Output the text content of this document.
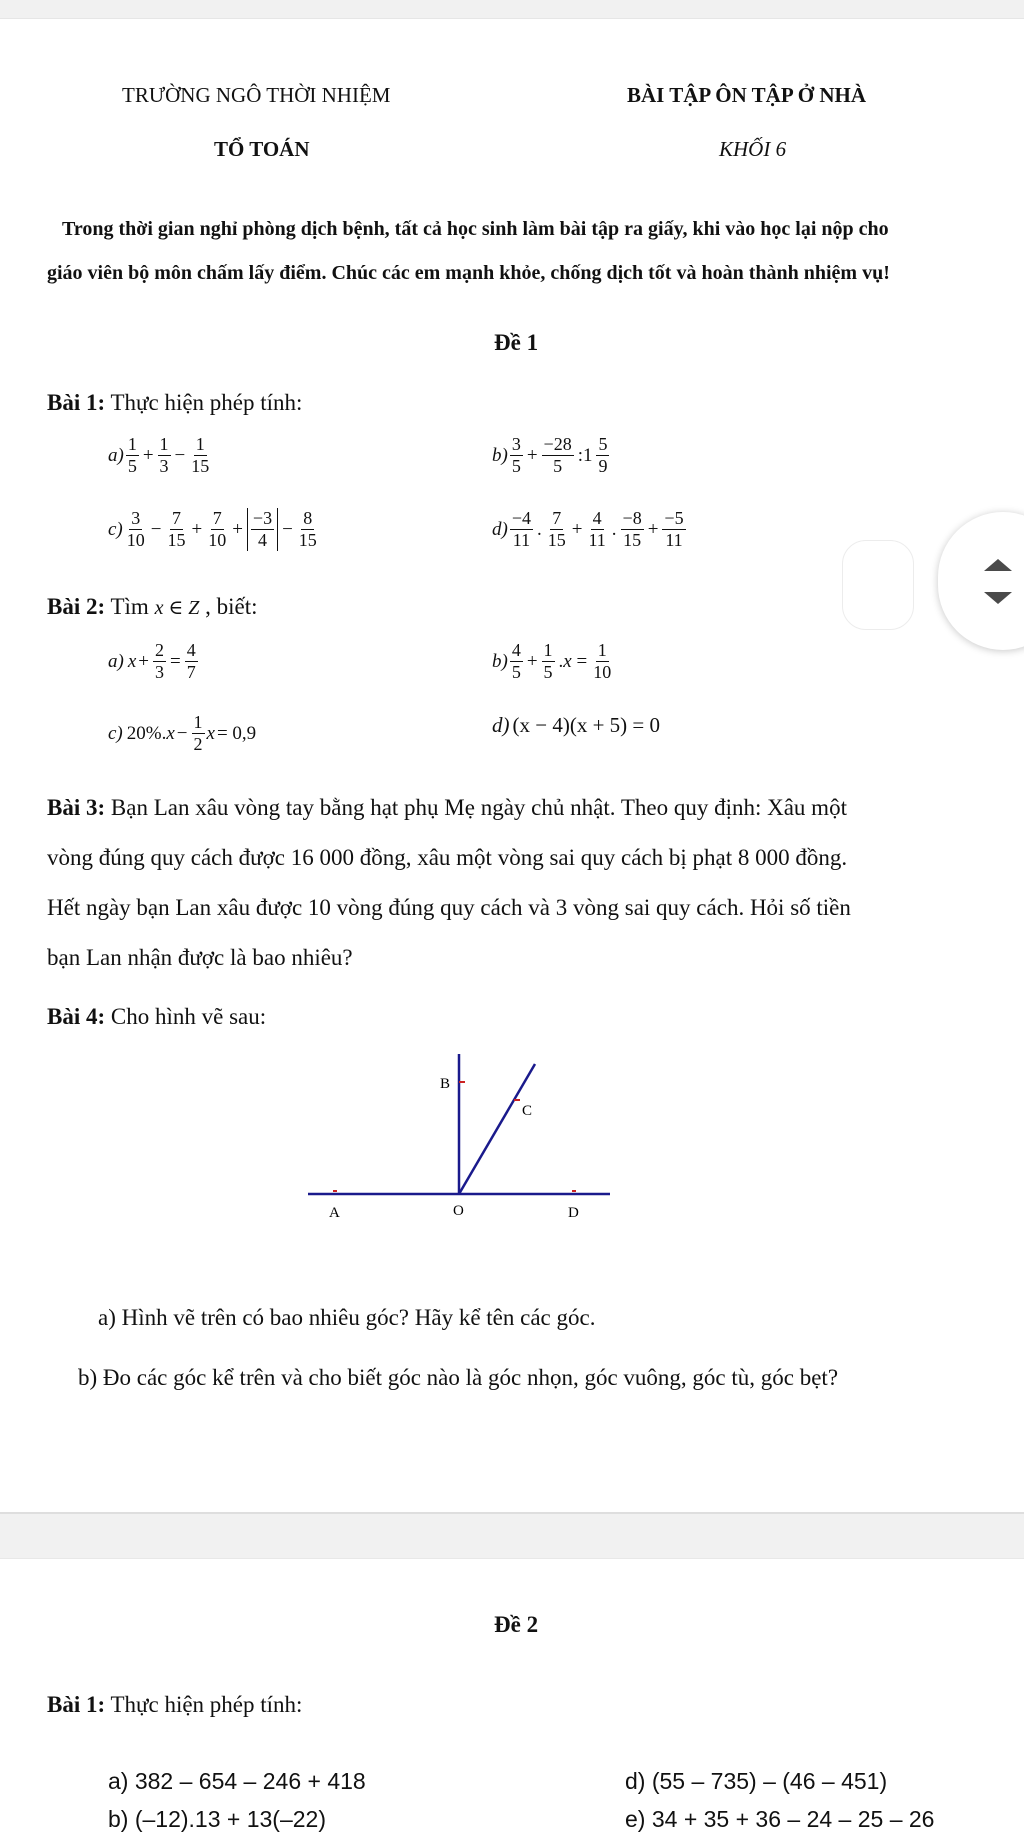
TRƯỜNG NGÔ THỜI NHIỆM
TỔ TOÁN
BÀI TẬP ÔN TẬP Ở NHÀ
KHỐI 6
Trong thời gian nghỉ phòng dịch bệnh, tất cả học sinh làm bài tập ra giấy, khi vào học lại nộp cho
giáo viên bộ môn chấm lấy điểm. Chúc các em mạnh khỏe, chống dịch tốt và hoàn thành nhiệm vụ!
Đề 1
Bài 1: Thực hiện phép tính:
$a) \frac{1}{5} + \frac{1}{3} - \frac{1}{15}$	$b) \frac{3}{5} + \frac{-28}{5}$ :1 $\frac{5}{9}$
$c) \frac{3}{10} - \frac{7}{15} + \frac{7}{10} + \frac{-3}{4} - \frac{8}{15}$	$d) \frac{-4}{11}$ . $\frac{7}{15} + \frac{4}{11}$ . $\frac{-8}{15} + \frac{-5}{11}$
Bài 2: Tìm x ∈ Z , biết:
a) $x + \frac{2}{3} = \frac{4}{7}$	$b) \frac{4}{5} + \frac{1}{5} .x = \frac{1}{10}$
c) 20%. $x - \frac{1}{2}$ x = 0,9	d) (x − 4)(x + 5) = 0
Bài 3: Bạn Lan xâu vòng tay bằng hạt phụ Mẹ ngày chủ nhật. Theo quy định: Xâu một
vòng đúng quy cách được 16 000 đồng, xâu một vòng sai quy cách bị phạt 8 000 đồng.
Hết ngày bạn Lan xâu được 10 vòng đúng quy cách và 3 vòng sai quy cách. Hỏi số tiền
bạn Lan nhận được là bao nhiêu?
Bài 4: Cho hình vẽ sau:
B
C
A	O	D
a) Hình vẽ trên có bao nhiêu góc? Hãy kể tên các góc.
b) Đo các góc kể trên và cho biết góc nào là góc nhọn, góc vuông, góc tù, góc bẹt?
Đề 2
Bài 1: Thực hiện phép tính:
a) 382 – 654 – 246 + 418	d) (55 – 735) – (46 – 451)
b) (–12).13 + 13(–22)	e) 34 + 35 + 36 – 24 – 25 – 26
